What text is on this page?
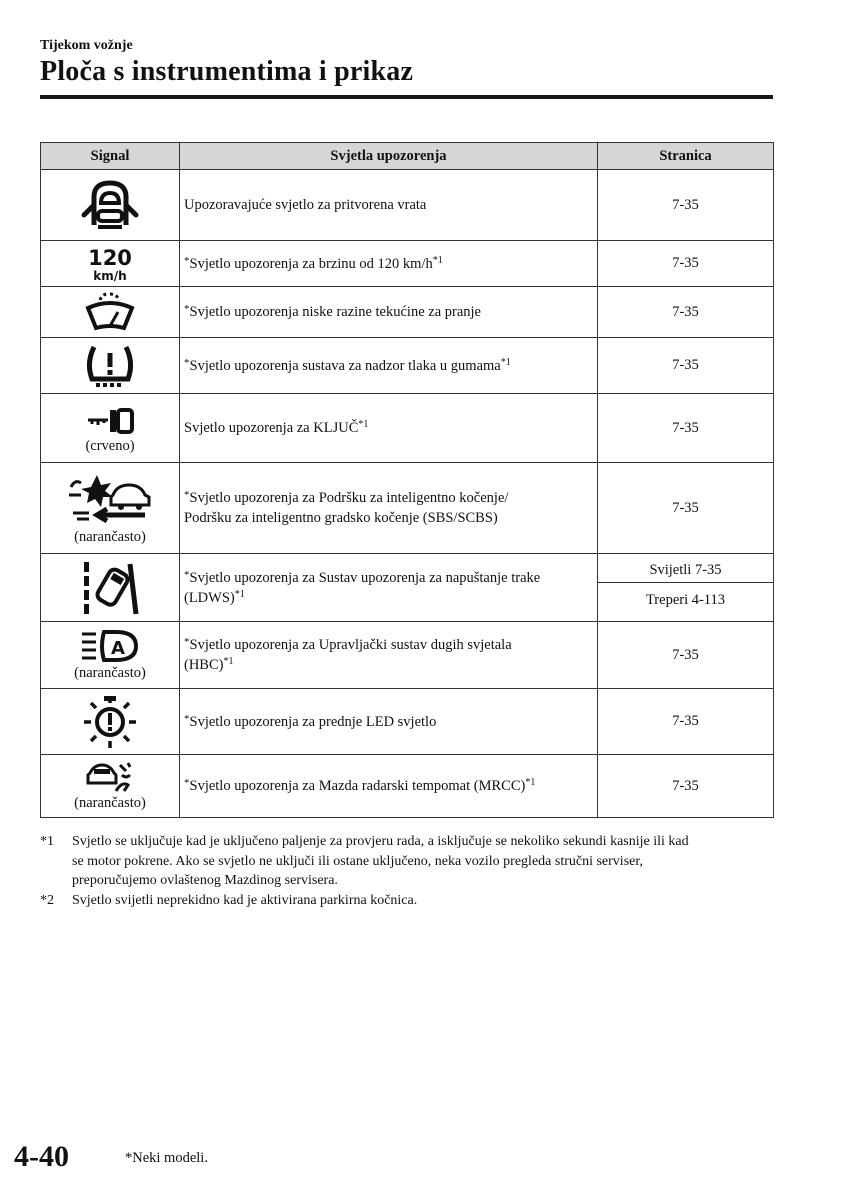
Tijekom vožnje
Ploča s instrumentima i prikaz
Signal	Svjetla upozorenja	Stranica

	Upozoravajuće svjetlo za pritvorena vrata	7-35

120
km/h	*Svjetlo upozorenja za brzinu od 120 $km/h^{*1}$	7-35

	*Svjetlo upozorenja niske razine tekućine za pranje	7-35

	*Svjetlo upozorenja sustava za nadzor tlaka u gumama$^{*1}$	7-35

(crveno)	Svjetlo upozorenja za KLJUČ$^{*1}$	7-35

(narančasto)	*Svjetlo upozorenja za Podršku za inteligentno kočenje/
Podršku za inteligentno gradsko kočenje (SBS/SCBS)	7-35

	*Svjetlo upozorenja za Sustav upozorenja za napuštanje trake
(LDWS)$^{*1}$	Svijetli 7-35
Treperi 4-113

A
(narančasto)	*Svjetlo upozorenja za Upravljački sustav dugih svjetala
(HBC)$^{*1}$	7-35

	*Svjetlo upozorenja za prednje LED svjetlo	7-35

(narančasto)	*Svjetlo upozorenja za Mazda radarski tempomat (MRCC)$^{*1}$	7-35
*1	Svjetlo se uključuje kad je uključeno paljenje za provjeru rada, a isključuje se nekoliko sekundi kasnije ili kad
se motor pokrene. Ako se svjetlo ne uključi ili ostane uključeno, neka vozilo pregleda stručni serviser,
preporučujemo ovlaštenog Mazdinog servisera.
*2	Svjetlo svijetli neprekidno kad je aktivirana parkirna kočnica.
4-40	*Neki modeli.
